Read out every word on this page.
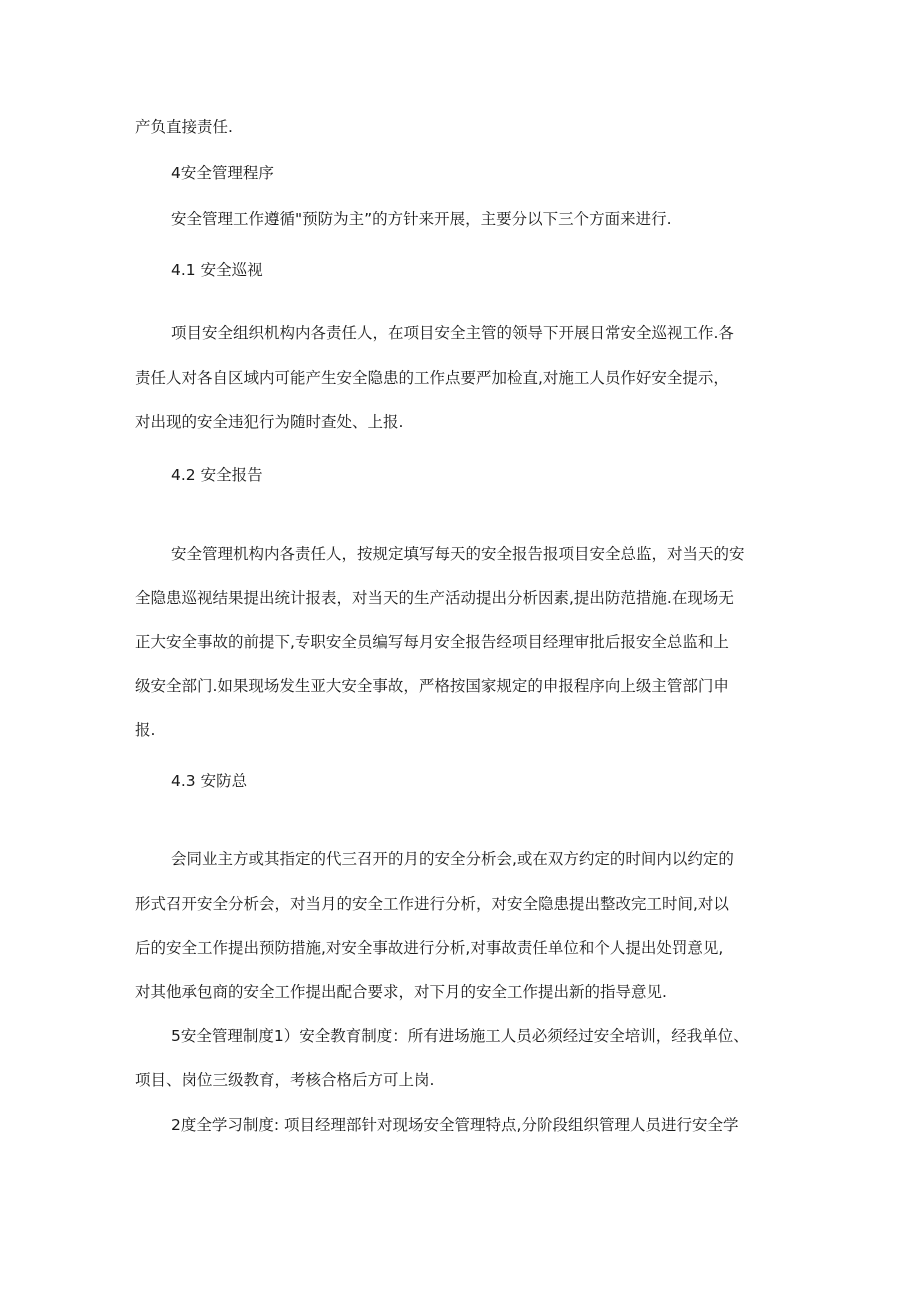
产负直接责任.
4安全管理程序
安全管理工作遵循"预防为主”的方针来开展，主要分以下三个方面来进行.
4.1 安全巡视
项目安全组织机构内各责任人，在项目安全主管的领导下开展日常安全巡视工作.各
责任人对各自区域内可能产生安全隐患的工作点要严加检直,对施工人员作好安全提示，
对出现的安全违犯行为随时查处、上报.
4.2 安全报告
安全管理机构内各责任人，按规定填写每天的安全报告报项目安全总监，对当天的安
全隐患巡视结果提出统计报表，对当天的生产活动提出分析因素,提出防范措施.在现场无
正大安全事故的前提下,专职安全员编写每月安全报告经项目经理审批后报安全总监和上
级安全部门.如果现场发生亚大安全事故，严格按国家规定的申报程序向上级主管部门申
报.
4.3 安防总
会同业主方或其指定的代三召开的月的安全分析会,或在双方约定的时间内以约定的
形式召开安全分析会，对当月的安全工作进行分析，对安全隐患提出整改完工时间,对以
后的安全工作提出预防措施,对安全事故进行分析,对事故责任单位和个人提出处罚意见,
对其他承包商的安全工作提出配合要求，对下月的安全工作提出新的指导意见.
5安全管理制度1）安全教育制度：所有进场施工人员必须经过安全培训，经我单位、
项目、岗位三级教育，考核合格后方可上岗.
2度全学习制度: 项目经理部针对现场安全管理特点,分阶段组织管理人员进行安全学
